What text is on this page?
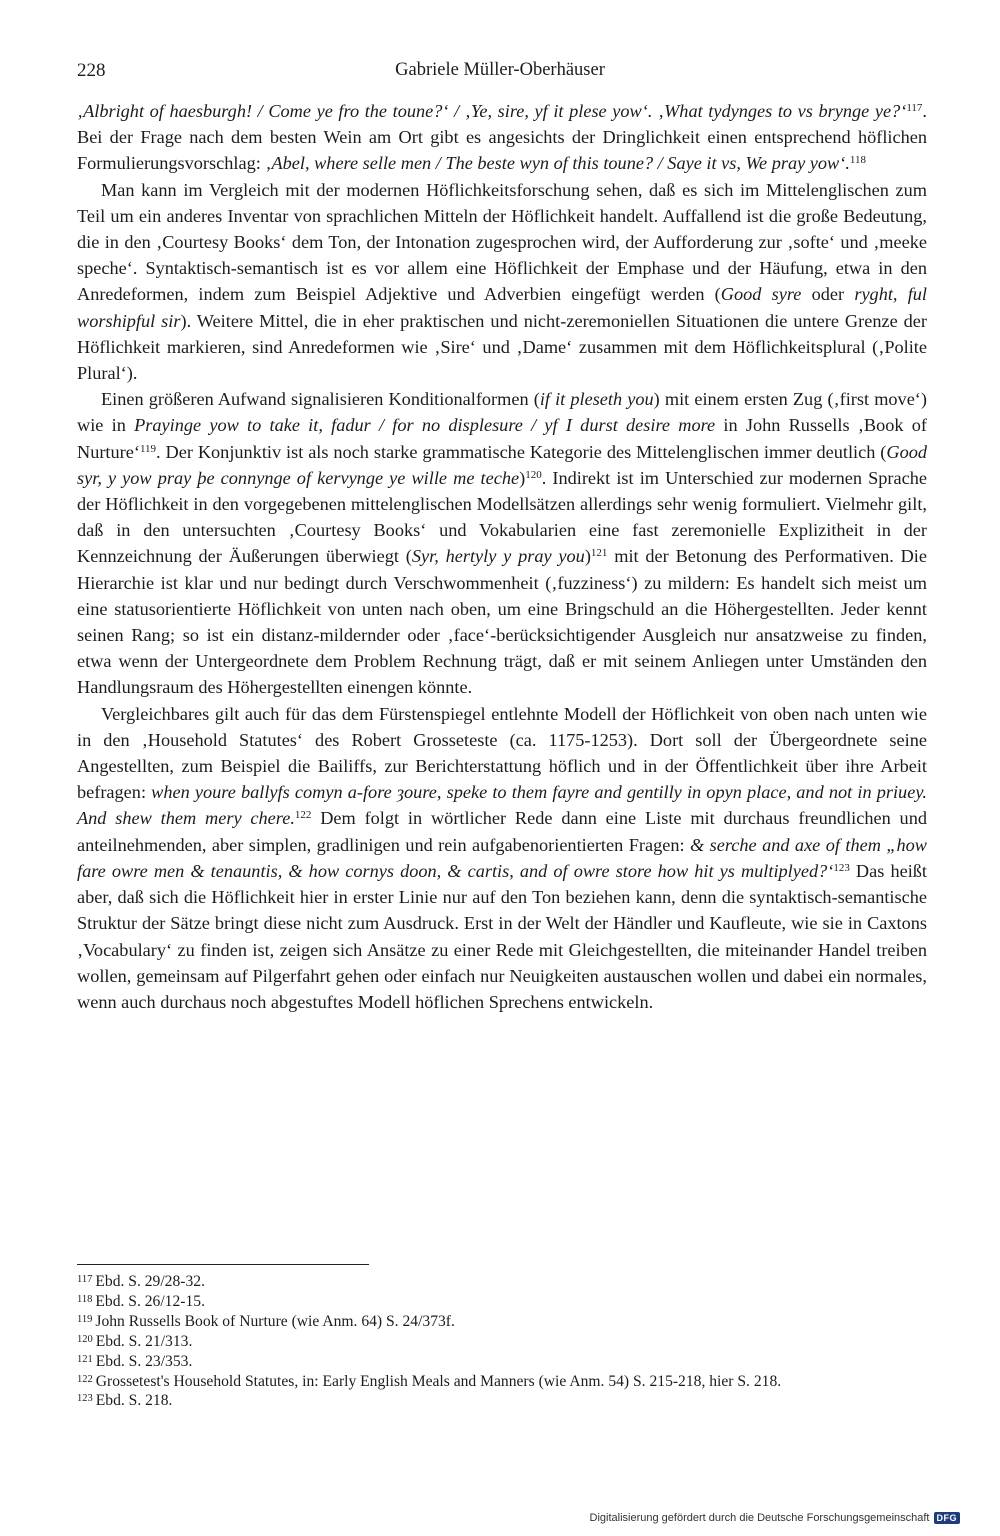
228	Gabriele Müller-Oberhäuser

‚Albright of haesburgh! / Come ye fro the toune?‘ / ‚Ye, sire, yf it plese yow‘. ‚What tydynges to vs brynge ye?‘$^{117}$. Bei der Frage nach dem besten Wein am Ort gibt es angesichts der Dringlichkeit einen entsprechend höflichen Formulierungsvorschlag: ‚Abel, where selle men / The beste wyn of this toune? / Saye it vs, We pray yow‘.$^{118}$

Man kann im Vergleich mit der modernen Höflichkeitsforschung sehen, daß es sich im Mittelenglischen zum Teil um ein anderes Inventar von sprachlichen Mitteln der Höflichkeit handelt. Auffallend ist die große Bedeutung, die in den ‚Courtesy Books‘ dem Ton, der Intonation zugesprochen wird, der Aufforderung zur ‚softe‘ und ‚meeke speche‘. Syntaktisch-semantisch ist es vor allem eine Höflichkeit der Emphase und der Häufung, etwa in den Anredeformen, indem zum Beispiel Adjektive und Adverbien eingefügt werden (Good syre oder ryght, ful worshipful sir). Weitere Mittel, die in eher praktischen und nicht-zeremoniellen Situationen die untere Grenze der Höflichkeit markieren, sind Anredeformen wie ‚Sire‘ und ‚Dame‘ zusammen mit dem Höflichkeitsplural (‚Polite Plural‘).

Einen größeren Aufwand signalisieren Konditionalformen (if it pleseth you) mit einem ersten Zug (‚first move‘) wie in Prayinge yow to take it, fadur / for no displesure / yf I durst desire more in John Russells ‚Book of Nurture‘$^{119}$. Der Konjunktiv ist als noch starke grammatische Kategorie des Mittelenglischen immer deutlich (Good syr, y yow pray þe connynge of kervynge ye wille me teche)$^{120}$. Indirekt ist im Unterschied zur modernen Sprache der Höflichkeit in den vorgegebenen mittelenglischen Modellsätzen allerdings sehr wenig formuliert. Vielmehr gilt, daß in den untersuchten ‚Courtesy Books‘ und Vokabularien eine fast zeremonielle Explizitheit in der Kennzeichnung der Äußerungen überwiegt (Syr, hertyly y pray you)$^{121}$ mit der Betonung des Performativen. Die Hierarchie ist klar und nur bedingt durch Verschwommenheit (‚fuzziness‘) zu mildern: Es handelt sich meist um eine statusorientierte Höflichkeit von unten nach oben, um eine Bringschuld an die Höhergestellten. Jeder kennt seinen Rang; so ist ein distanz-mildernder oder ‚face‘-berücksichtigender Ausgleich nur ansatzweise zu finden, etwa wenn der Untergeordnete dem Problem Rechnung trägt, daß er mit seinem Anliegen unter Umständen den Handlungsraum des Höhergestellten einengen könnte.

Vergleichbares gilt auch für das dem Fürstenspiegel entlehnte Modell der Höflichkeit von oben nach unten wie in den ‚Household Statutes‘ des Robert Grosseteste (ca. 1175-1253). Dort soll der Übergeordnete seine Angestellten, zum Beispiel die Bailiffs, zur Berichterstattung höflich und in der Öffentlichkeit über ihre Arbeit befragen: when youre ballyfs comyn a-fore ȝoure, speke to them fayre and gentilly in opyn place, and not in priuey. And shew them mery chere.$^{122}$ Dem folgt in wörtlicher Rede dann eine Liste mit durchaus freundlichen und anteilnehmenden, aber simplen, gradlinigen und rein aufgabenorientierten Fragen: & serche and axe of them „how fare owre men & tenauntis, & how cornys doon, & cartis, and of owre store how hit ys multiplyed?‘$^{123}$ Das heißt aber, daß sich die Höflichkeit hier in erster Linie nur auf den Ton beziehen kann, denn die syntaktisch-semantische Struktur der Sätze bringt diese nicht zum Ausdruck. Erst in der Welt der Händler und Kaufleute, wie sie in Caxtons ‚Vocabulary‘ zu finden ist, zeigen sich Ansätze zu einer Rede mit Gleichgestellten, die miteinander Handel treiben wollen, gemeinsam auf Pilgerfahrt gehen oder einfach nur Neuigkeiten austauschen wollen und dabei ein normales, wenn auch durchaus noch abgestuftes Modell höflichen Sprechens entwickeln.

$^{117}$ Ebd. S. 29/28-32.
$^{118}$ Ebd. S. 26/12-15.
$^{119}$ John Russells Book of Nurture (wie Anm. 64) S. 24/373f.
$^{120}$ Ebd. S. 21/313.
$^{121}$ Ebd. S. 23/353.
$^{122}$ Grossetest's Household Statutes, in: Early English Meals and Manners (wie Anm. 54) S. 215-218, hier S. 218.
$^{123}$ Ebd. S. 218.
Digitalisierung gefördert durch die Deutsche Forschungsgemeinschaft DFG
